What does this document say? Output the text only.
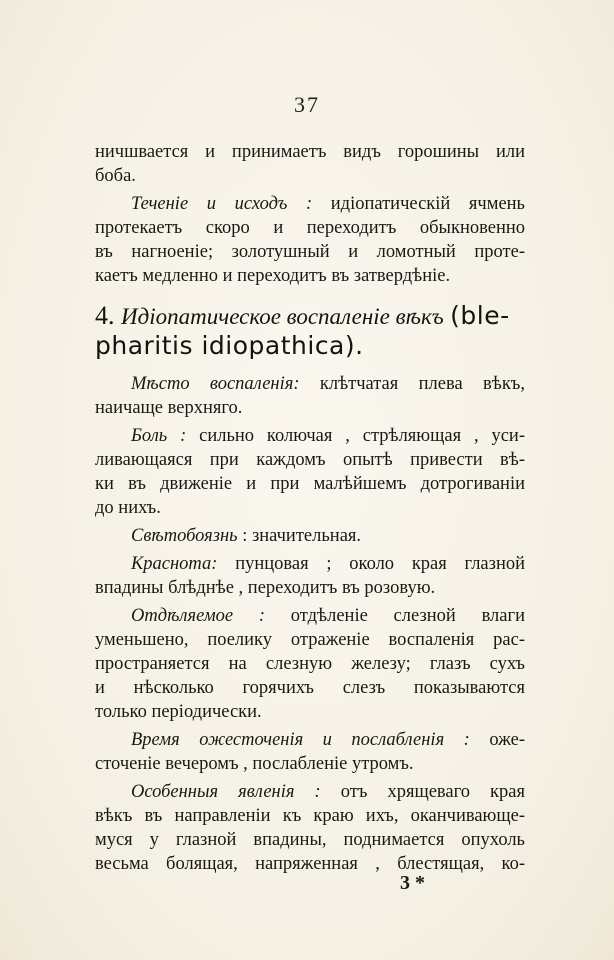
37
ничшвается и принимаетъ видъ горошины или
боба.
Теченіе и исходъ : идіопатическій ячмень
протекаетъ скоро и переходитъ обыкновенно
въ нагноеніе; золотушный и ломотный проте-
каетъ медленно и переходитъ въ затвердѣніе.
4. Идіопатическое воспаленіе вѣкъ (ble-
pharitis idiopathica).
Мѣсто воспаленія: клѣтчатая плева вѣкъ,
наичаще верхняго.
Боль : сильно колючая , стрѣляющая , уси-
ливающаяся при каждомъ опытѣ привести вѣ-
ки въ движеніе и при малѣйшемъ дотрогиваніи
до нихъ.
Свѣтобоязнь : значительная.
Краснота: пунцовая ; около края глазной
впадины блѣднѣе , переходитъ въ розовую.
Отдѣляемое : отдѣленіе слезной влаги
уменьшено, поелику отраженіе воспаленія рас-
пространяется на слезную железу; глазъ сухъ
и нѣсколько горячихъ слезъ показываются
только періодически.
Время ожесточенія и послабленія : оже-
сточеніе вечеромъ , послабленіе утромъ.
Особенныя явленія : отъ хрящеваго края
вѣкъ въ направленіи къ краю ихъ, оканчивающе-
муся у глазной впадины, поднимается опухоль
весьма болящая, напряженная , блестящая, ко-
3 *
